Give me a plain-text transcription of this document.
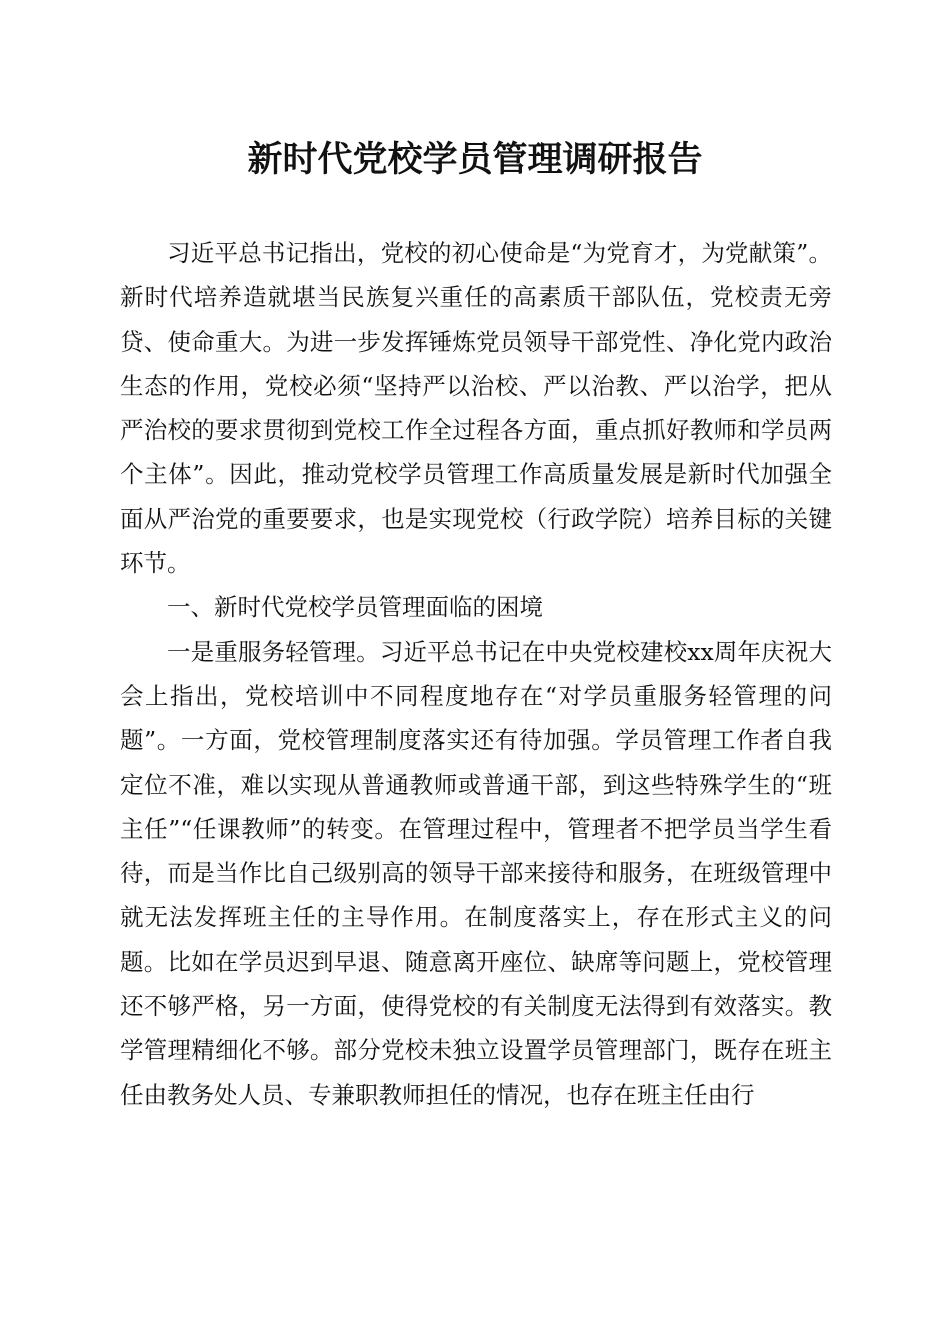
新时代党校学员管理调研报告

习近平总书记指出，党校的初心使命是“为党育才，为党献策”。新时代培养造就堪当民族复兴重任的高素质干部队伍，党校责无旁贷、使命重大。为进一步发挥锤炼党员领导干部党性、净化党内政治生态的作用，党校必须“坚持严以治校、严以治教、严以治学，把从严治校的要求贯彻到党校工作全过程各方面，重点抓好教师和学员两个主体”。因此，推动党校学员管理工作高质量发展是新时代加强全面从严治党的重要要求，也是实现党校（行政学院）培养目标的关键环节。

一、新时代党校学员管理面临的困境

一是重服务轻管理。习近平总书记在中央党校建校xx周年庆祝大会上指出，党校培训中不同程度地存在“对学员重服务轻管理的问题”。一方面，党校管理制度落实还有待加强。学员管理工作者自我定位不准，难以实现从普通教师或普通干部，到这些特殊学生的“班主任”“任课教师”的转变。在管理过程中，管理者不把学员当学生看待，而是当作比自己级别高的领导干部来接待和服务，在班级管理中就无法发挥班主任的主导作用。在制度落实上，存在形式主义的问题。比如在学员迟到早退、随意离开座位、缺席等问题上，党校管理还不够严格，另一方面，使得党校的有关制度无法得到有效落实。教学管理精细化不够。部分党校未独立设置学员管理部门，既存在班主任由教务处人员、专兼职教师担任的情况，也存在班主任由行
